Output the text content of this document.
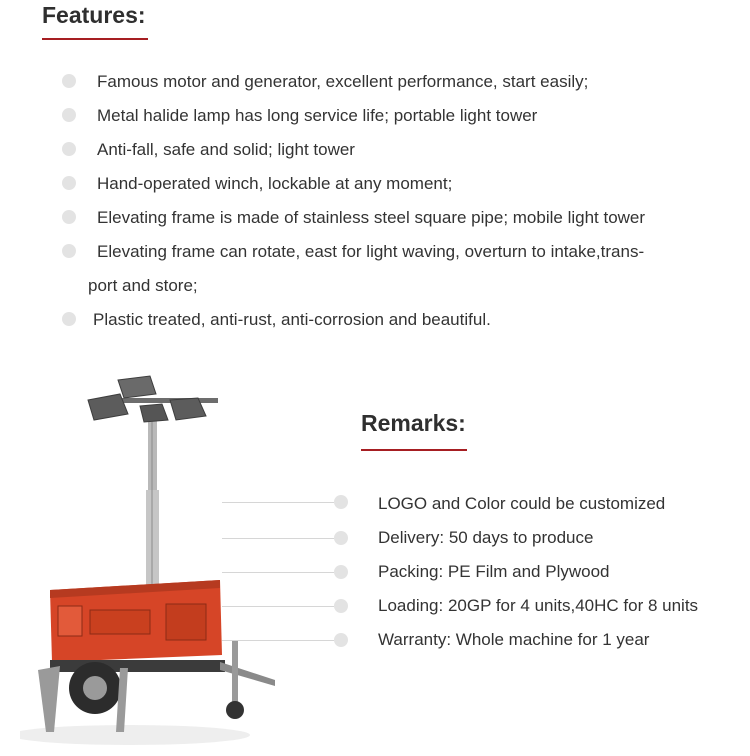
Features:
Famous motor and generator, excellent performance, start easily;
Metal halide lamp has long service life; portable light tower
Anti-fall, safe and solid; light tower
Hand-operated winch, lockable at any moment;
Elevating frame is made of stainless steel square pipe; mobile light tower
Elevating frame can rotate, east for light waving, overturn to intake,trans-
port and store;
Plastic treated, anti-rust, anti-corrosion and beautiful.
Remarks:
LOGO and Color could be customized
Delivery: 50 days to produce
Packing: PE Film and Plywood
Loading: 20GP for 4 units,40HC for 8 units
Warranty: Whole machine for 1 year
